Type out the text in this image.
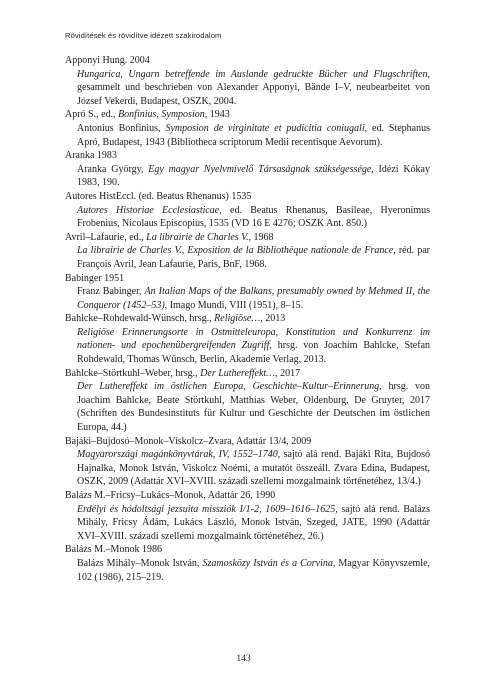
Rövidítések és rövidítve idézett szakirodalom
Apponyi Hung. 2004
Hungarica, Ungarn betreffende im Auslande gedruckte Bücher und Flugschriften, gesammelt und beschrieben von Alexander Apponyi, Bände I–V, neubearbeitet von József Vekerdi, Budapest, OSZK, 2004.
Apró S., ed., Bonfinius, Symposion, 1943
Antonius Bonfinius, Symposion de virginitate et pudicitia coniugali, ed. Stephanus Apró, Budapest, 1943 (Bibliotheca scriptorum Medii recentisque Aevorum).
Aranka 1983
Aranka György, Egy magyar Nyelvmívelő Társaságnak szükségessége, Idézi Kókay 1983, 190.
Autores HistEccl. (ed. Beatus Rhenanus) 1535
Autores Historiae Ecclesiasticae, ed. Beatus Rhenanus, Basileae, Hyeronimus Frobenius, Nicolaus Episcopius, 1535 (VD 16 E 4276; OSZK Ant. 850.)
Avril–Lafaurie, ed., La librairie de Charles V., 1968
La librairie de Charles V., Exposition de la Bibliothèque nationale de France, réd. par François Avril, Jean Lafaurie, Paris, BnF, 1968.
Babinger 1951
Franz Babinger, An Italian Maps of the Balkans, presumably owned by Mehmed II, the Conqueror (1452–53), Imago Mundi, VIII (1951), 8–15.
Bahlcke–Rohdewald-Wünsch, hrsg., Religiöse…, 2013
Religiöse Erinnerungsorte in Ostmitteleuropa, Konstitution und Konkurrenz im nationen- und epochenübergreifenden Zugriff, hrsg. von Joachim Bahlcke, Stefan Rohdewald, Thomas Wünsch, Berlin, Akademie Verlag, 2013.
Bahlcke–Störtkuhl–Weber, hrsg., Der Luthereffekt…, 2017
Der Luthereffekt im östlichen Europa, Geschichte–Kultur–Erinnerung, hrsg. von Joachim Bahlcke, Beate Störtkuhl, Matthias Weber, Oldenburg, De Gruyter, 2017 (Schriften des Bundesinstituts für Kultur und Geschichte der Deutschen im östlichen Europa, 44.)
Bajáki–Bujdosó–Monok–Viskolcz–Zvara, Adattár 13/4, 2009
Magyarországi magánkönyvtárak, IV, 1552–1740, sajtó alá rend. Bajáki Rita, Bujdosó Hajnalka, Monok István, Viskolcz Noémi, a mutatót összeáll. Zvara Edina, Budapest, OSZK, 2009 (Adattár XVI–XVIII. századi szellemi mozgalmaink történetéhez, 13/4.)
Balázs M.–Fricsy–Lukács–Monok, Adattár 26, 1990
Erdélyi és hódoltsági jezsuita missziók I/1-2, 1609–1616–1625, sajtó alá rend. Balázs Mihály, Fricsy Ádám, Lukács László, Monok István, Szeged, JATE, 1990 (Adattár XVI–XVIII. századi szellemi mozgalmaink történetéhez, 26.)
Balázs M.–Monok 1986
Balázs Mihály–Monok István, Szamosközy István és a Corvina, Magyar Könyvszemle, 102 (1986), 215–219.
143
